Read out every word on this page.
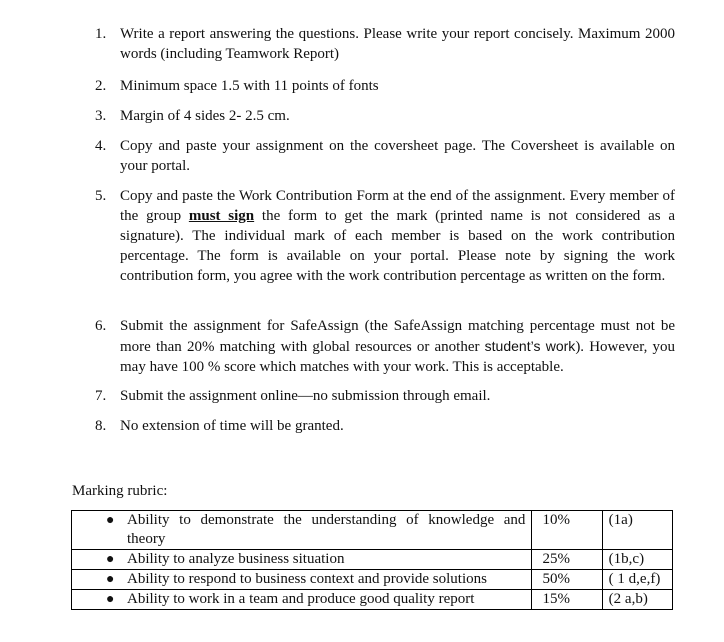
1. Write a report answering the questions. Please write your report concisely. Maximum 2000 words (including Teamwork Report)
2. Minimum space 1.5 with 11 points of fonts
3. Margin of 4 sides 2- 2.5 cm.
4. Copy and paste your assignment on the coversheet page. The Coversheet is available on your portal.
5. Copy and paste the Work Contribution Form at the end of the assignment. Every member of the group must sign the form to get the mark (printed name is not considered as a signature). The individual mark of each member is based on the work contribution percentage. The form is available on your portal. Please note by signing the work contribution form, you agree with the work contribution percentage as written on the form.
6. Submit the assignment for SafeAssign (the SafeAssign matching percentage must not be more than 20% matching with global resources or another student’s work). However, you may have 100 % score which matches with your work. This is acceptable.
7. Submit the assignment online—no submission through email.
8. No extension of time will be granted.
Marking rubric:
● Ability to demonstrate the understanding of knowledge and theory	10%	(1a)

● Ability to analyze business situation	25%	(1b,c)

● Ability to respond to business context and provide solutions	50%	( 1 d,e,f)

● Ability to work in a team and produce good quality report	15%	(2 a,b)
